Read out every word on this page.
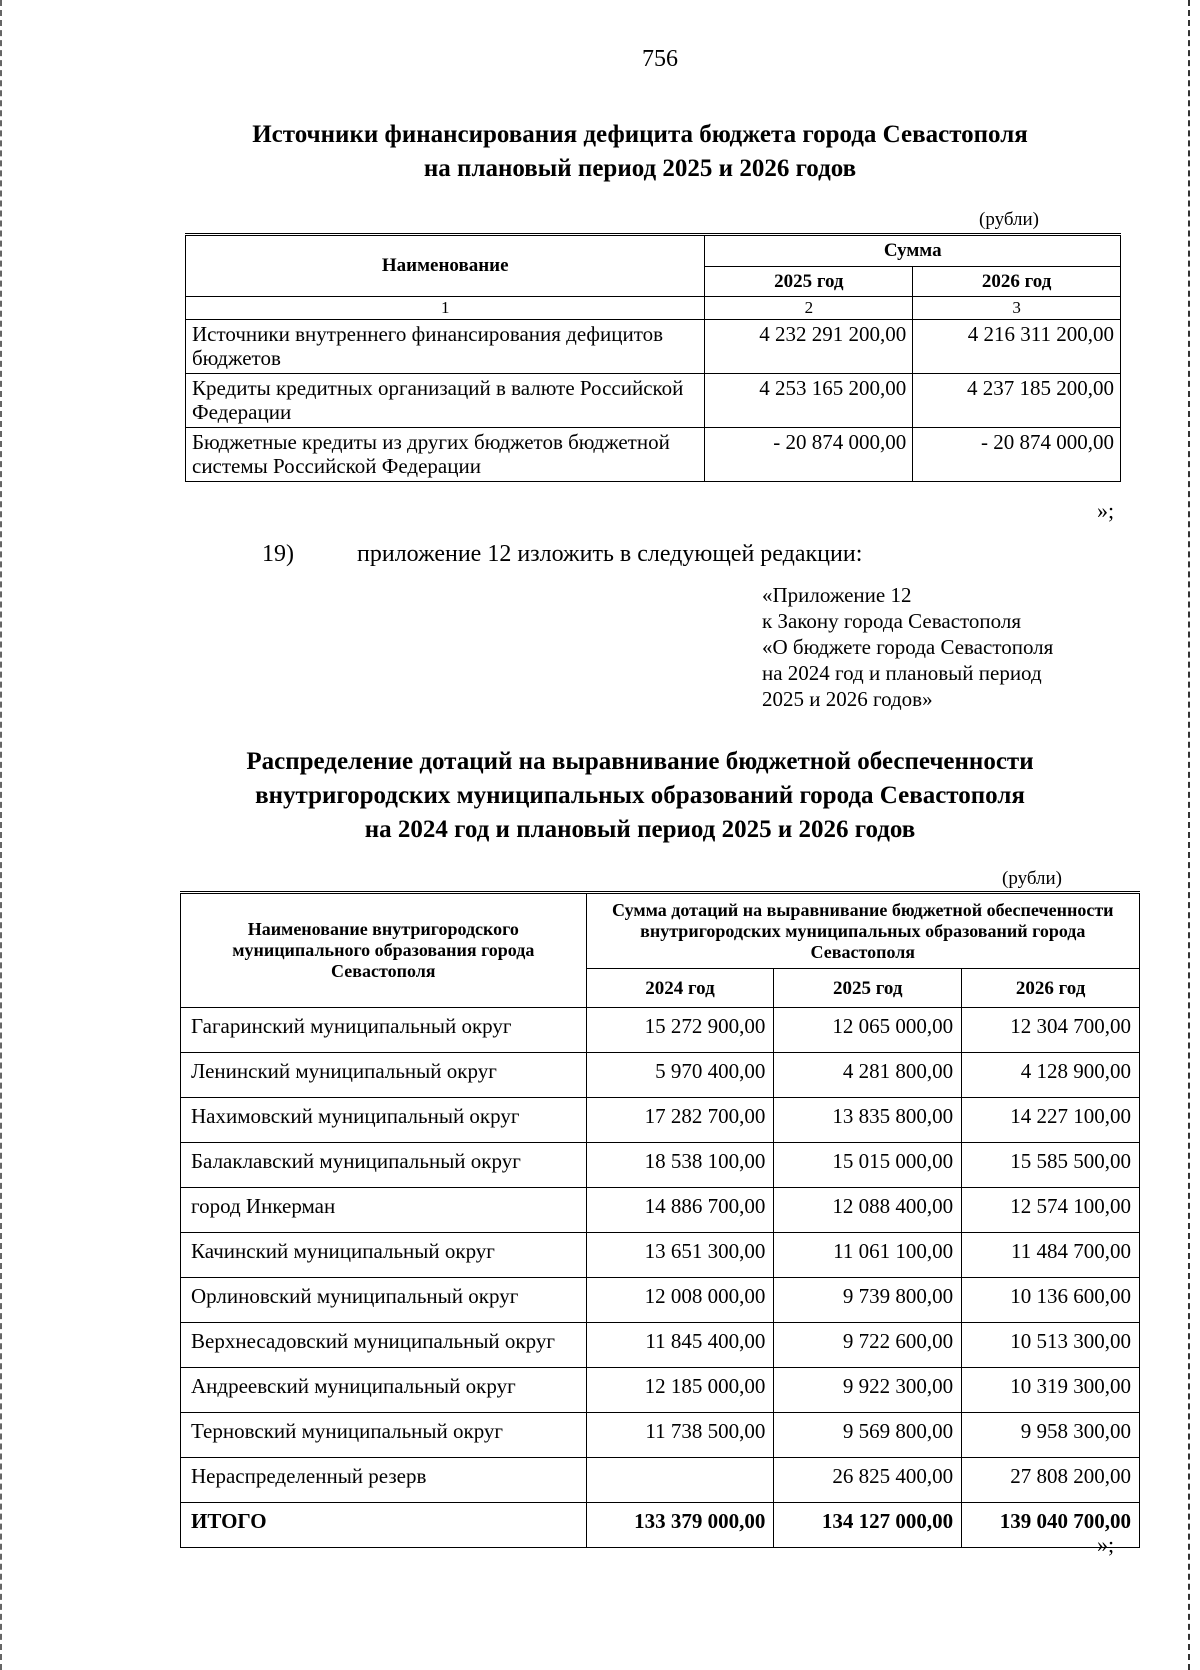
756
Источники финансирования дефицита бюджета города Севастополя
на плановый период 2025 и 2026 годов
(рубли)
Наименование	Сумма	
	2025 год	2026 год
1	2	3
Источники внутреннего финансирования дефицитов бюджетов	4 232 291 200,00	4 216 311 200,00
Кредиты кредитных организаций в валюте Российской Федерации	4 253 165 200,00	4 237 185 200,00
Бюджетные кредиты из других бюджетов бюджетной системы Российской Федерации	- 20 874 000,00	- 20 874 000,00
»;
19)	приложение 12 изложить в следующей редакции:
«Приложение 12
к Закону города Севастополя
«О бюджете города Севастополя
на 2024 год и плановый период
2025 и 2026 годов»
Распределение дотаций на выравнивание бюджетной обеспеченности
внутригородских муниципальных образований города Севастополя
на 2024 год и плановый период 2025 и 2026 годов
(рубли)
Наименование внутригородского муниципального образования города Севастополя	Сумма дотаций на выравнивание бюджетной обеспеченности внутригородских муниципальных образований города Севастополя		
	2024 год	2025 год	2026 год
Гагаринский муниципальный округ	15 272 900,00	12 065 000,00	12 304 700,00
Ленинский муниципальный округ	5 970 400,00	4 281 800,00	4 128 900,00
Нахимовский муниципальный округ	17 282 700,00	13 835 800,00	14 227 100,00
Балаклавский муниципальный округ	18 538 100,00	15 015 000,00	15 585 500,00
город Инкерман	14 886 700,00	12 088 400,00	12 574 100,00
Качинский муниципальный округ	13 651 300,00	11 061 100,00	11 484 700,00
Орлиновский муниципальный округ	12 008 000,00	9 739 800,00	10 136 600,00
Верхнесадовский муниципальный округ	11 845 400,00	9 722 600,00	10 513 300,00
Андреевский муниципальный округ	12 185 000,00	9 922 300,00	10 319 300,00
Терновский муниципальный округ	11 738 500,00	9 569 800,00	9 958 300,00
Нераспределенный резерв		26 825 400,00	27 808 200,00
ИТОГО	133 379 000,00	134 127 000,00	139 040 700,00
»;
